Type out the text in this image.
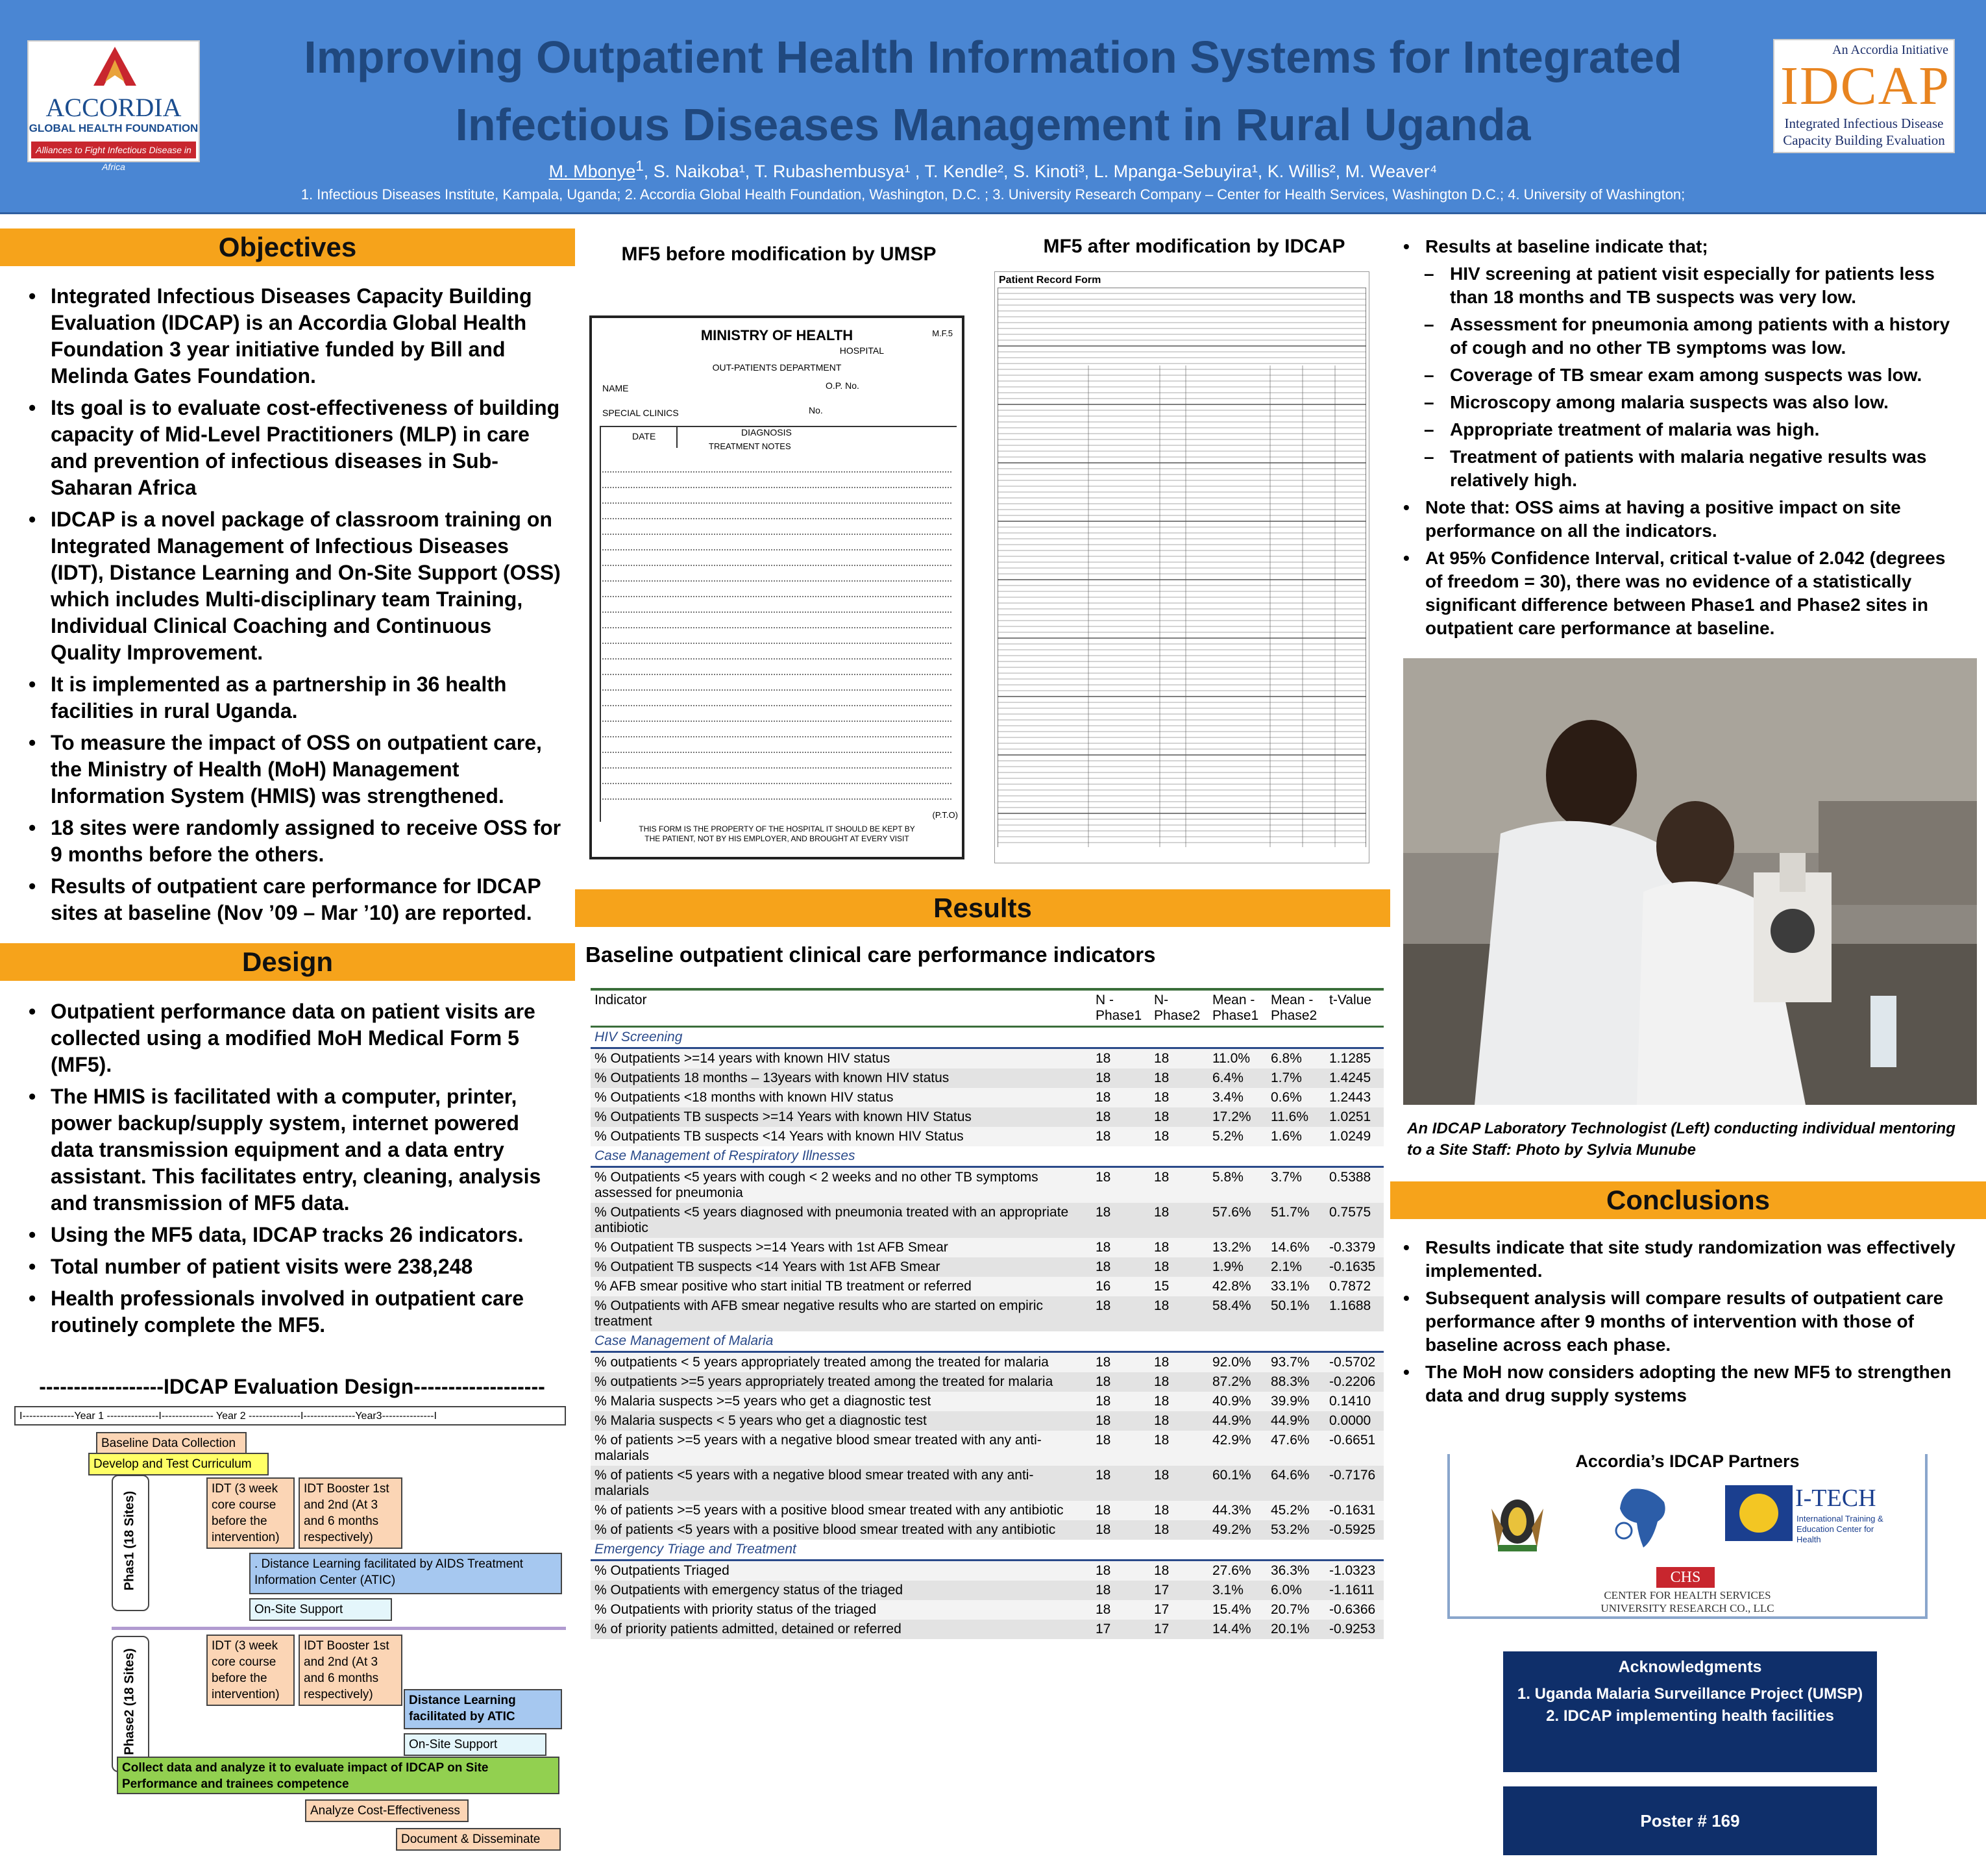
ACCORDIA
GLOBAL HEALTH FOUNDATION
Alliances to Fight Infectious Disease in Africa
Improving Outpatient Health Information Systems for Integrated Infectious Diseases Management in Rural Uganda
M. Mbonye$^1$, S. Naikoba¹, T. Rubashembusya¹ , T. Kendle², S. Kinoti³, L. Mpanga-Sebuyira¹, K. Willis², M. Weaver⁴
1. Infectious Diseases Institute, Kampala, Uganda; 2. Accordia Global Health Foundation, Washington, D.C. ; 3. University Research Company – Center for Health Services, Washington D.C.; 4. University of Washington;
An Accordia Initiative
IDCAP
Integrated Infectious Disease
Capacity Building Evaluation
Objectives
• Integrated Infectious Diseases Capacity Building Evaluation (IDCAP) is an Accordia Global Health Foundation 3 year initiative funded by Bill and Melinda Gates Foundation.
• Its goal is to evaluate cost-effectiveness of building capacity of Mid-Level Practitioners (MLP) in care and prevention of infectious diseases in Sub-Saharan Africa
• IDCAP is a novel package of classroom training on Integrated Management of Infectious Diseases (IDT), Distance Learning and On-Site Support (OSS) which includes Multi-disciplinary team Training, Individual Clinical Coaching and Continuous Quality Improvement.
• It is implemented as a partnership in 36 health facilities in rural Uganda.
• To measure the impact of OSS on outpatient care, the Ministry of Health (MoH) Management Information System (HMIS) was strengthened.
• 18 sites were randomly assigned to receive OSS for 9 months before the others.
• Results of outpatient care performance for IDCAP sites at baseline (Nov ’09 – Mar ’10) are reported.
Design
• Outpatient performance data on patient visits are collected using a modified MoH Medical Form 5 (MF5).
• The HMIS is facilitated with a computer, printer, power backup/supply system, internet powered data transmission equipment and a data entry assistant. This facilitates entry, cleaning, analysis and transmission of MF5 data.
• Using the MF5 data, IDCAP tracks 26 indicators.
• Total number of patient visits were 238,248
• Health professionals involved in outpatient care routinely complete the MF5.
------------------IDCAP Evaluation Design-------------------
I---------------Year 1 ---------------I--------------- Year 2 ---------------I---------------Year3---------------I
Baseline Data Collection
Develop and Test Curriculum
Phas1 (18 Sites)
IDT (3 week core course before the intervention)
IDT Booster 1st and 2nd (At 3 and 6 months respectively)
. Distance Learning facilitated by AIDS Treatment Information Center (ATIC)
On-Site Support
Phase2 (18 Sites)
IDT (3 week core course before the intervention)
IDT Booster 1st and 2nd (At 3 and 6 months respectively)	Distance Learning facilitated by ATIC
On-Site Support
Collect data and analyze it to evaluate impact of IDCAP on Site Performance and trainees competence
Analyze Cost-Effectiveness
Document & Disseminate
MF5 before modification by UMSP	MF5 after modification by IDCAP
MINISTRY OF HEALTH	M.F.5
HOSPITAL
OUT-PATIENTS DEPARTMENT
NAME	O.P. No.
SPECIAL CLINICS	No.
DATE	DIAGNOSIS
TREATMENT NOTES
(P.T.O)
THIS FORM IS THE PROPERTY OF THE HOSPITAL IT SHOULD BE KEPT BY THE PATIENT, NOT BY HIS EMPLOYER, AND BROUGHT AT EVERY VISIT
Patient Record Form
Results
Baseline outpatient clinical care performance indicators
Indicator	N - Phase1	N- Phase2	Mean - Phase1	Mean - Phase2	t-Value
HIV Screening					
% Outpatients >=14 years with known HIV status	18	18	11.0%	6.8%	1.1285
% Outpatients 18 months – 13years with known HIV status	18	18	6.4%	1.7%	1.4245
% Outpatients <18 months with known HIV status	18	18	3.4%	0.6%	1.2443
% Outpatients TB suspects >=14 Years with known HIV Status	18	18	17.2%	11.6%	1.0251
% Outpatients TB suspects <14 Years with known HIV Status	18	18	5.2%	1.6%	1.0249
Case Management of Respiratory Illnesses					
% Outpatients <5 years with cough < 2 weeks and no other TB symptoms assessed for pneumonia	18	18	5.8%	3.7%	0.5388
% Outpatients <5 years diagnosed with pneumonia treated with an appropriate antibiotic	18	18	57.6%	51.7%	0.7575
% Outpatient TB suspects >=14 Years with 1st AFB Smear	18	18	13.2%	14.6%	-0.3379
% Outpatient TB suspects <14 Years with 1st AFB Smear	18	18	1.9%	2.1%	-0.1635
% AFB smear positive who start initial TB treatment or referred	16	15	42.8%	33.1%	0.7872
% Outpatients with AFB smear negative results who are started on empiric treatment	18	18	58.4%	50.1%	1.1688
Case Management of Malaria					
% outpatients < 5 years appropriately treated among the treated for malaria	18	18	92.0%	93.7%	-0.5702
% outpatients >=5 years appropriately treated among the treated for malaria	18	18	87.2%	88.3%	-0.2206
% Malaria suspects >=5 years who get a diagnostic test	18	18	40.9%	39.9%	0.1410
% Malaria suspects < 5 years who get a diagnostic test	18	18	44.9%	44.9%	0.0000
% of patients >=5 years with a negative blood smear treated with any anti-malarials	18	18	42.9%	47.6%	-0.6651
% of patients <5 years with a negative blood smear treated with any anti-malarials	18	18	60.1%	64.6%	-0.7176
% of patients >=5 years with a positive blood smear treated with any antibiotic	18	18	44.3%	45.2%	-0.1631
% of patients <5 years with a positive blood smear treated with any antibiotic	18	18	49.2%	53.2%	-0.5925
Emergency Triage and Treatment					
% Outpatients Triaged	18	18	27.6%	36.3%	-1.0323
% Outpatients with emergency status of the triaged	18	17	3.1%	6.0%	-1.1611
% Outpatients with priority status of the triaged	18	17	15.4%	20.7%	-0.6366
% of priority patients admitted, detained or referred	17	17	14.4%	20.1%	-0.9253
• Results at baseline indicate that;
– HIV screening at patient visit especially for patients less than 18 months and TB suspects was very low.
– Assessment for pneumonia among patients with a history of cough and no other TB symptoms was low.
– Coverage of TB smear exam among suspects was low.
– Microscopy among malaria suspects was also low.
– Appropriate treatment of malaria was high.
– Treatment of patients with malaria negative results was relatively high.
• Note that: OSS aims at having a positive impact on site performance on all the indicators.
• At 95% Confidence Interval, critical t-value of 2.042 (degrees of freedom = 30), there was no evidence of a statistically significant difference between Phase1 and Phase2 sites in outpatient care performance at baseline.
An IDCAP Laboratory Technologist (Left) conducting individual mentoring to a Site Staff: Photo by Sylvia Munube
Conclusions
• Results indicate that site study randomization was effectively implemented.
• Subsequent analysis will compare results of outpatient care performance after 9 months of intervention with those of baseline across each phase.
• The MoH now considers adopting the new MF5 to strengthen data and drug supply systems
Accordia’s IDCAP Partners
I-TECH
International Training & Education Center for Health
CHS
CENTER FOR HEALTH SERVICES
UNIVERSITY RESEARCH CO., LLC
Acknowledgments
1. Uganda Malaria Surveillance Project (UMSP)
2. IDCAP implementing health facilities
Poster # 169
